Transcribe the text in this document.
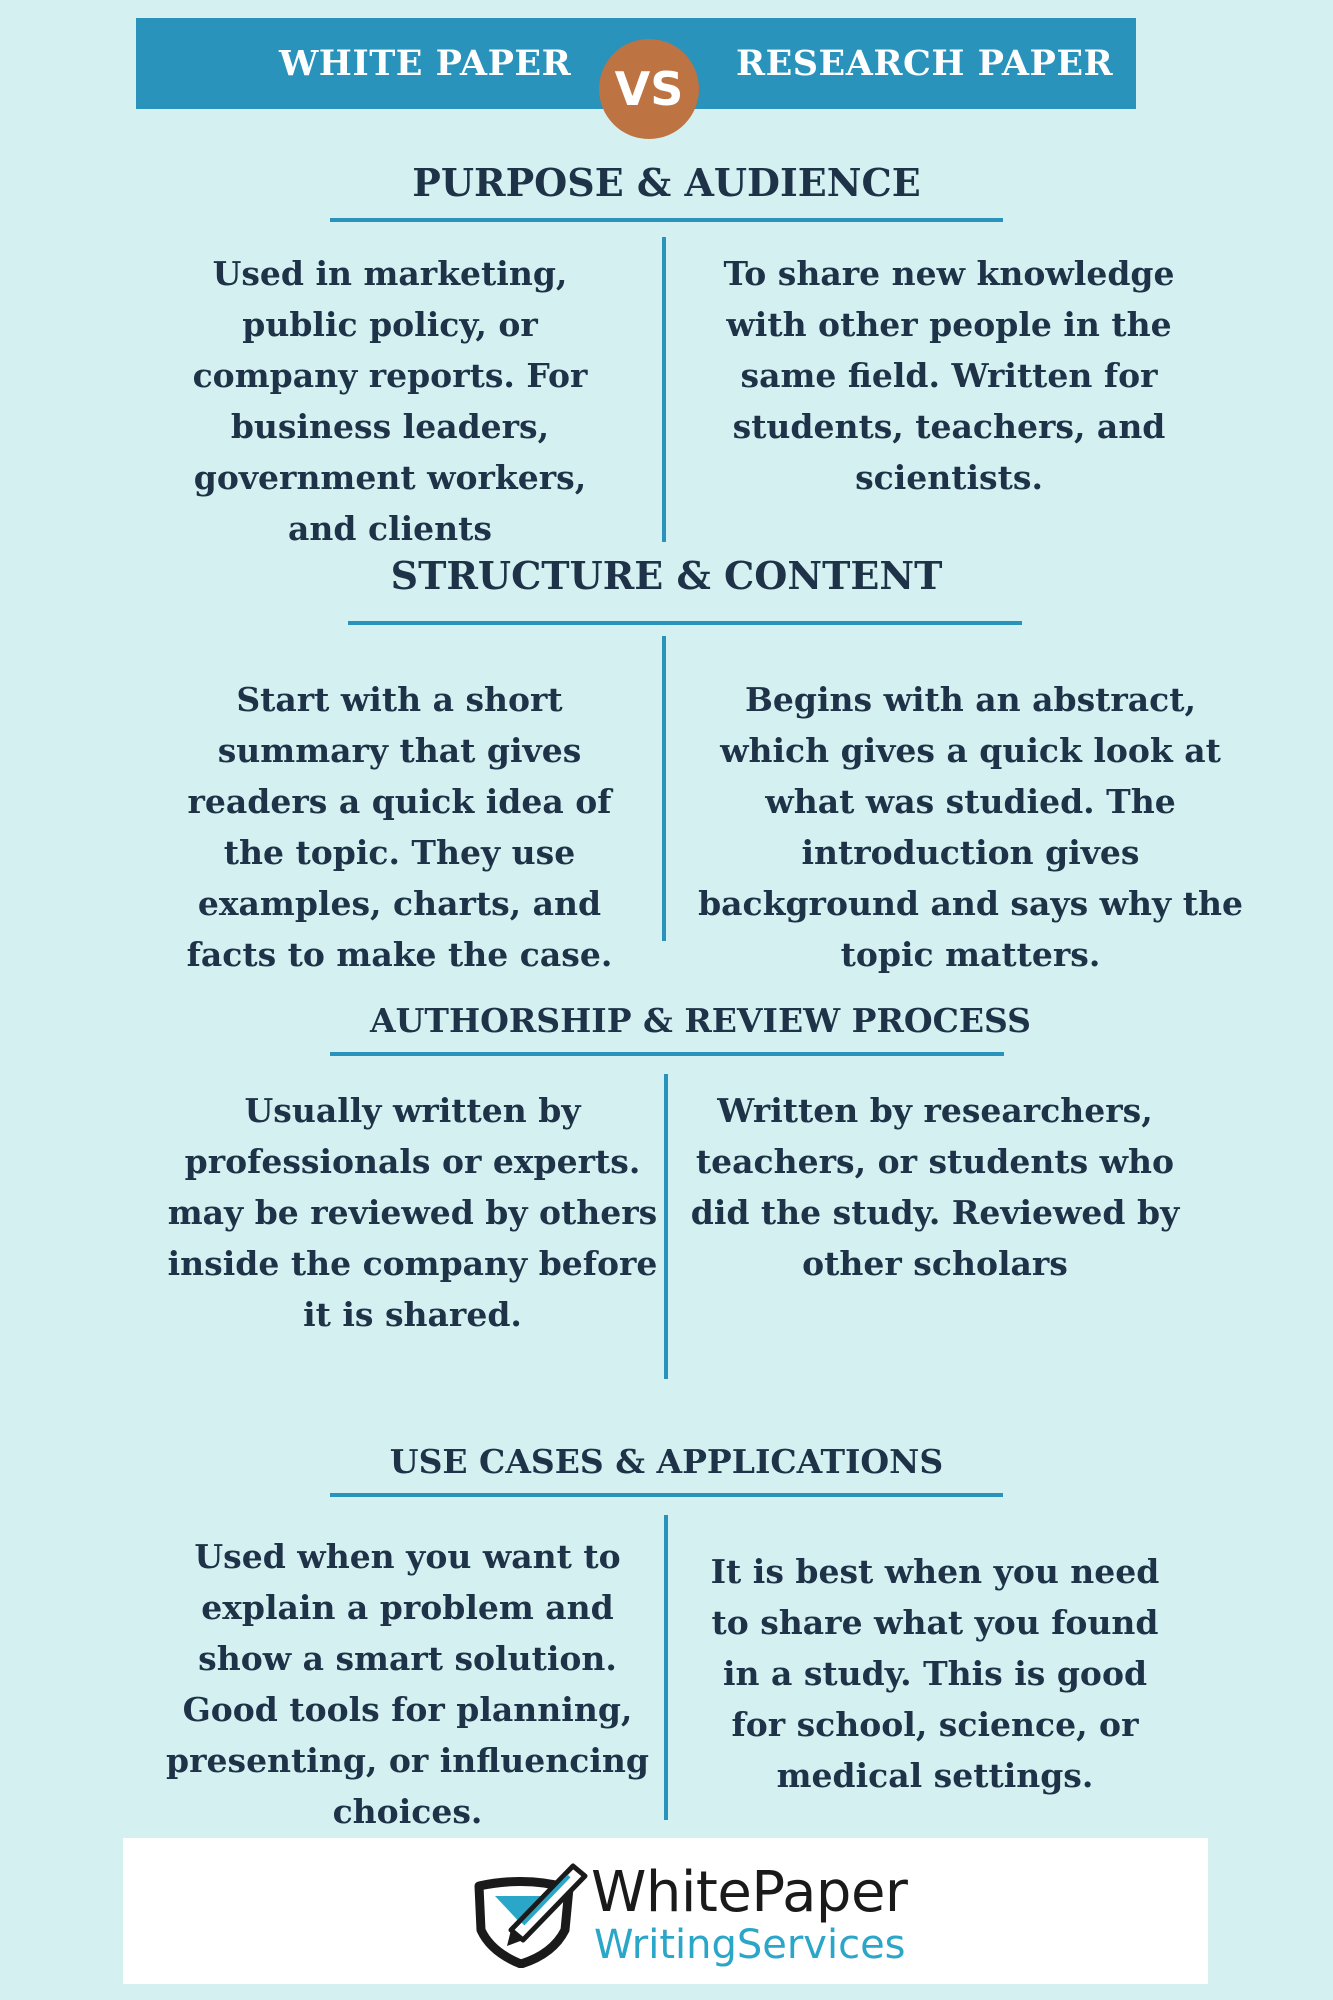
WHITE PAPER	RESEARCH PAPER
VS
PURPOSE & AUDIENCE

Used in marketing, public policy, or company reports. For business leaders, government workers, and clients

To share new knowledge with other people in the same field. Written for students, teachers, and scientists.

STRUCTURE & CONTENT

Start with a short summary that gives readers a quick idea of the topic. They use examples, charts, and facts to make the case.

Begins with an abstract, which gives a quick look at what was studied. The introduction gives background and says why the topic matters.

AUTHORSHIP & REVIEW PROCESS

Usually written by professionals or experts. may be reviewed by others inside the company before it is shared.

Written by researchers, teachers, or students who did the study. Reviewed by other scholars

USE CASES & APPLICATIONS

Used when you want to explain a problem and show a smart solution. Good tools for planning, presenting, or influencing choices.

It is best when you need to share what you found in a study. This is good for school, science, or medical settings.

WhitePaper
WritingServices
